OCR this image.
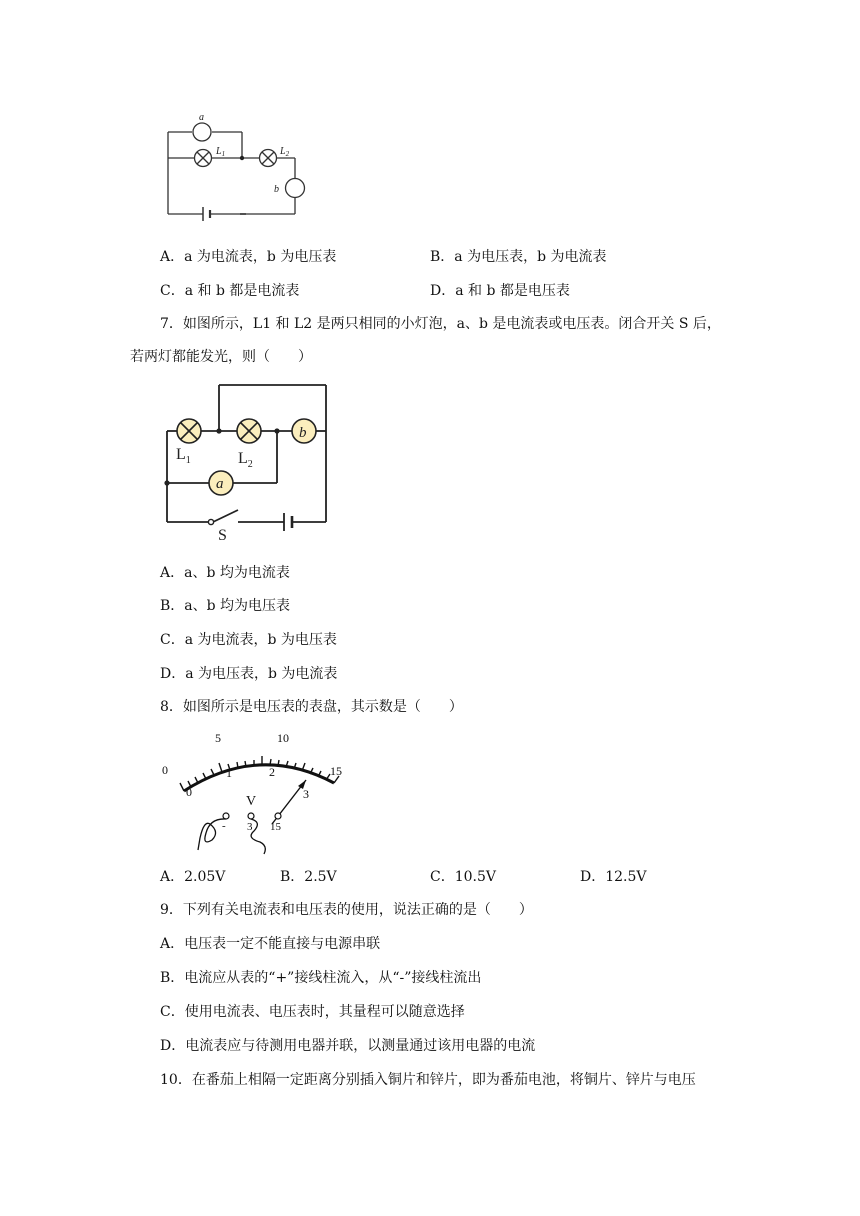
a
$L_1$	$L_2$
b
A．a 为电流表，b 为电压表	B．a 为电压表，b 为电流表
C．a 和 b 都是电流表	D．a 和 b 都是电压表
7．如图所示，L1 和 L2 是两只相同的小灯泡，a、b 是电流表或电压表。闭合开关 S 后，
若两灯都能发光，则（　　）
b
a
$L_1$	$L_2$
S
A．a、b 均为电流表
B．a、b 均为电压表
C．a 为电流表，b 为电压表
D．a 为电压表，b 为电流表
8．如图所示是电压表的表盘，其示数是（　　）
0
5	10
15
0
1	2
3
V
- 3 15
A．2.05V	B．2.5V	C．10.5V	D．12.5V
9．下列有关电流表和电压表的使用，说法正确的是（　　）
A．电压表一定不能直接与电源串联
B．电流应从表的“+”接线柱流入，从“-”接线柱流出
C．使用电流表、电压表时，其量程可以随意选择
D．电流表应与待测用电器并联，以测量通过该用电器的电流
10．在番茄上相隔一定距离分别插入铜片和锌片，即为番茄电池，将铜片、锌片与电压
